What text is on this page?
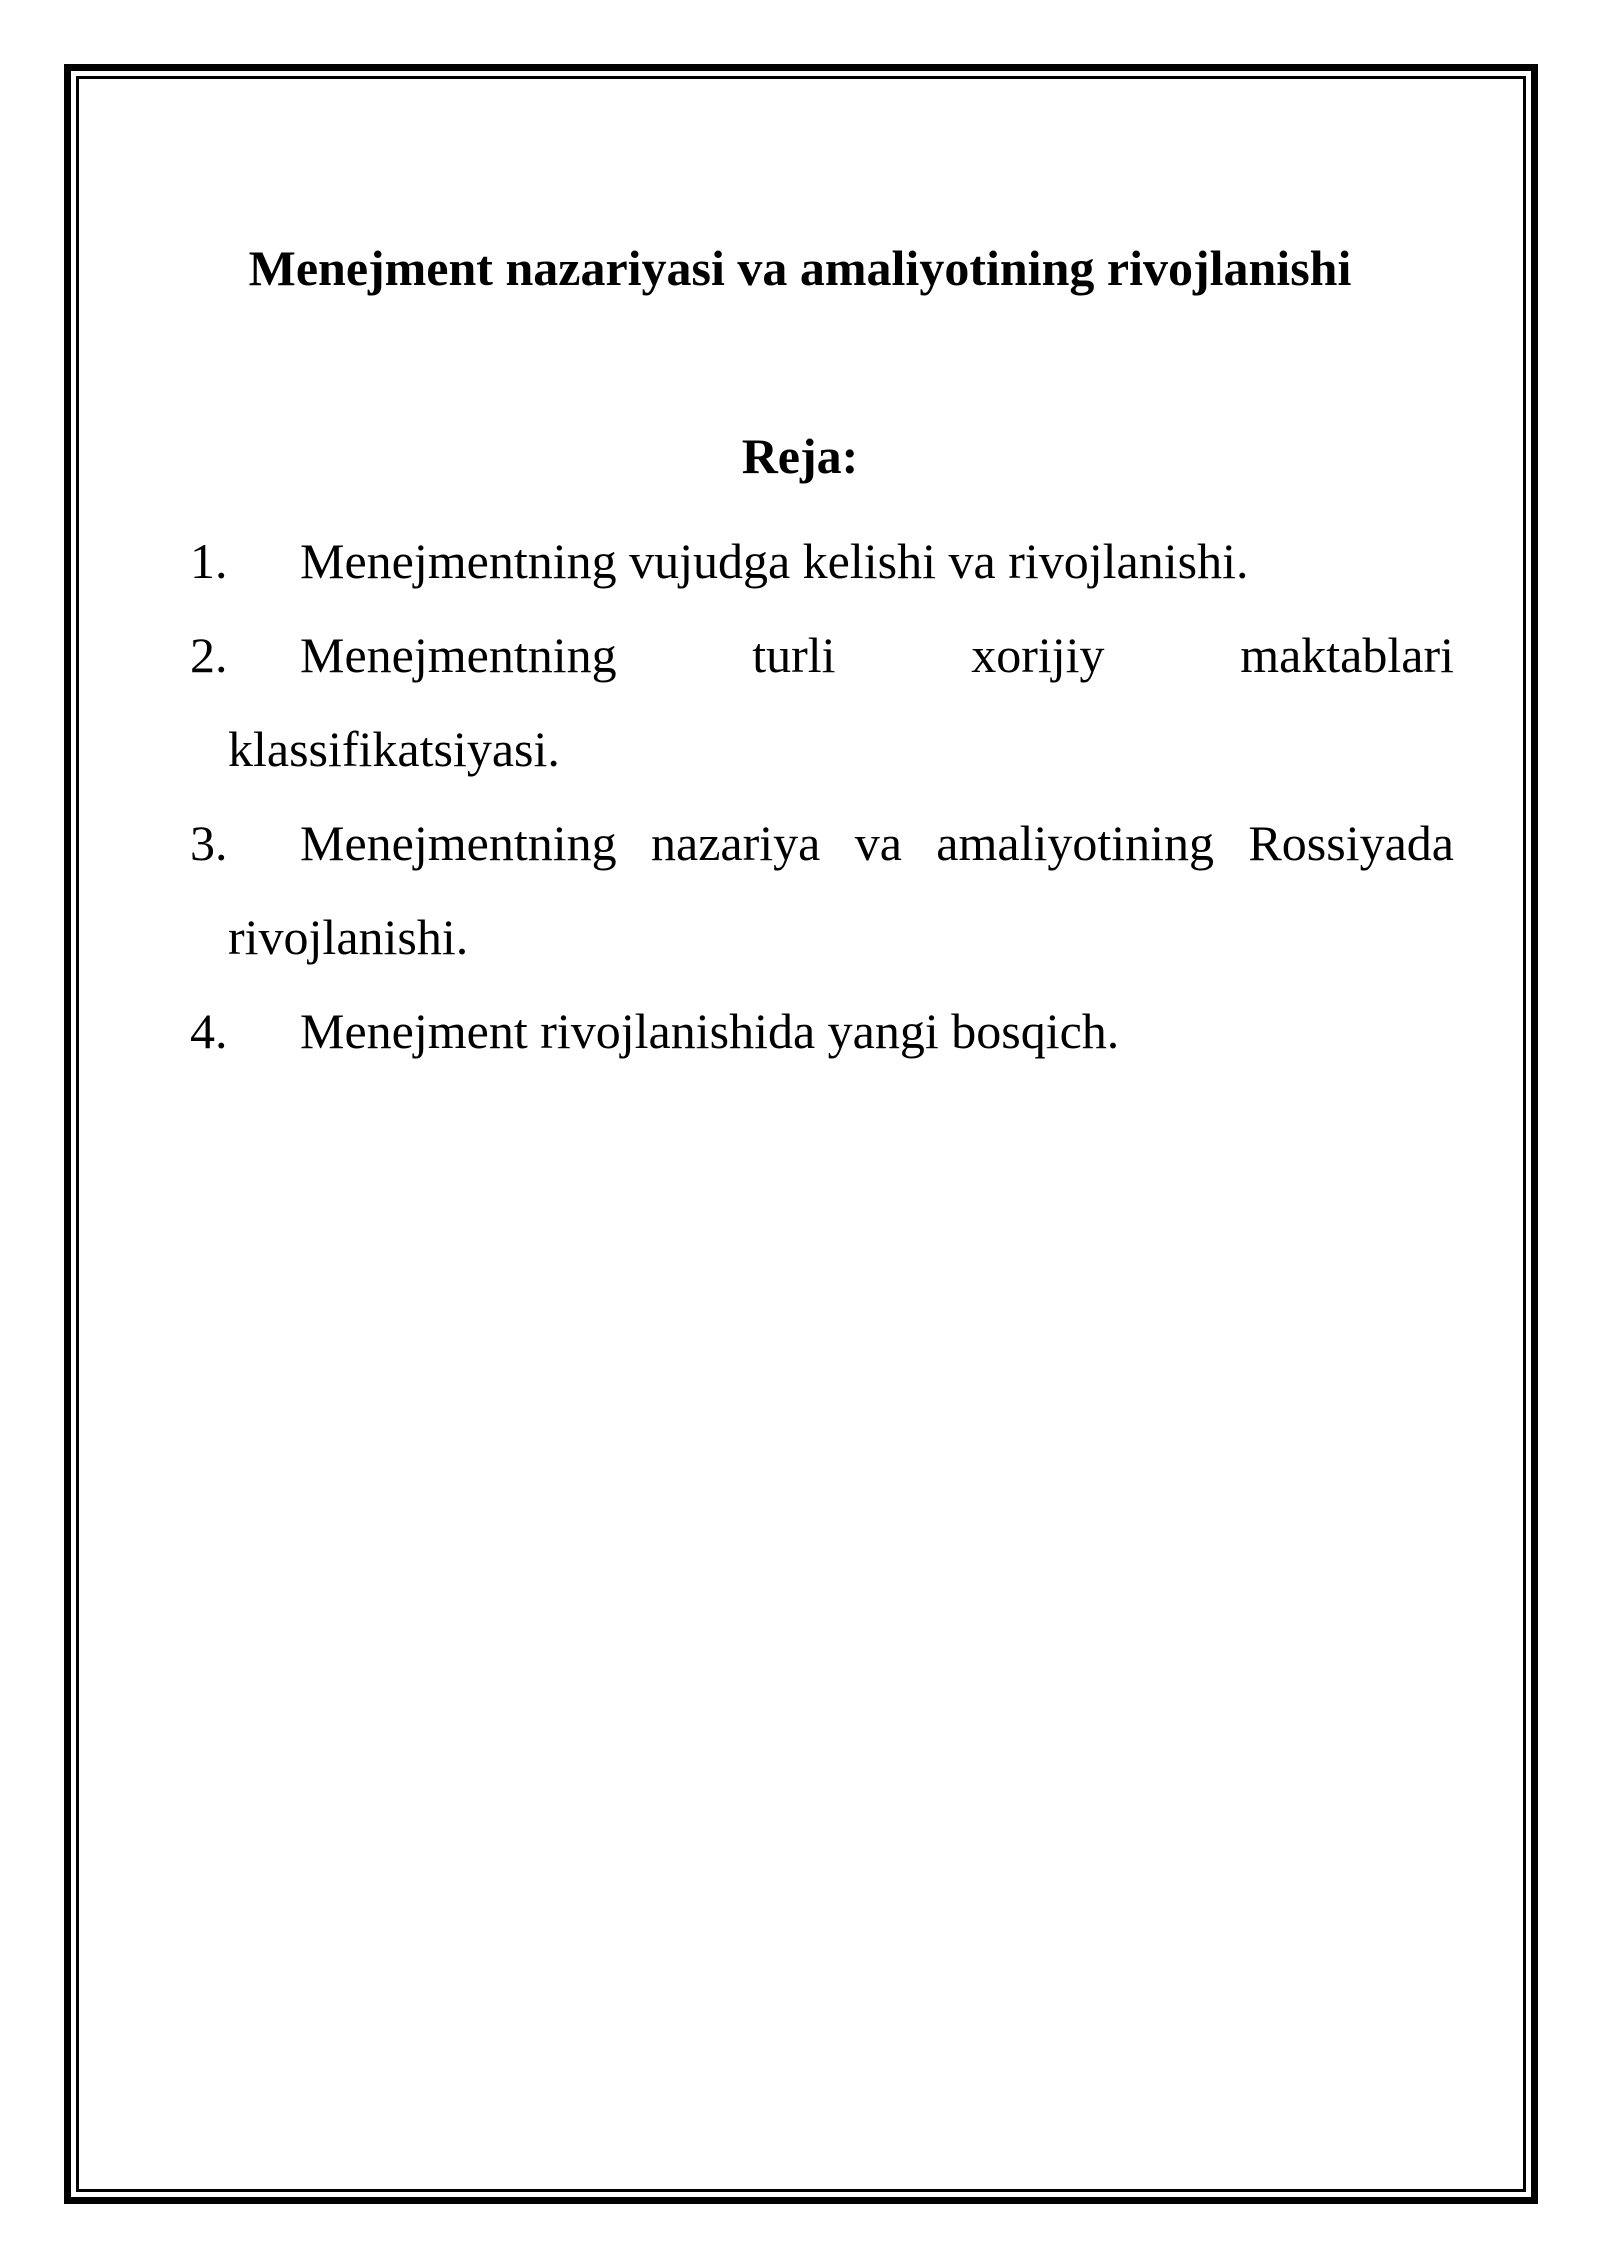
Menejment nazariyasi va amaliyotining rivojlanishi
Reja:
1. Menejmentning vujudga kelishi va rivojlanishi.
2.	Menejmentning	turli	xorijiy	maktablari
klassifikatsiyasi.
3.	Menejmentning nazariya va amaliyotining Rossiyada
rivojlanishi.
4. Menejment rivojlanishida yangi bosqich.
